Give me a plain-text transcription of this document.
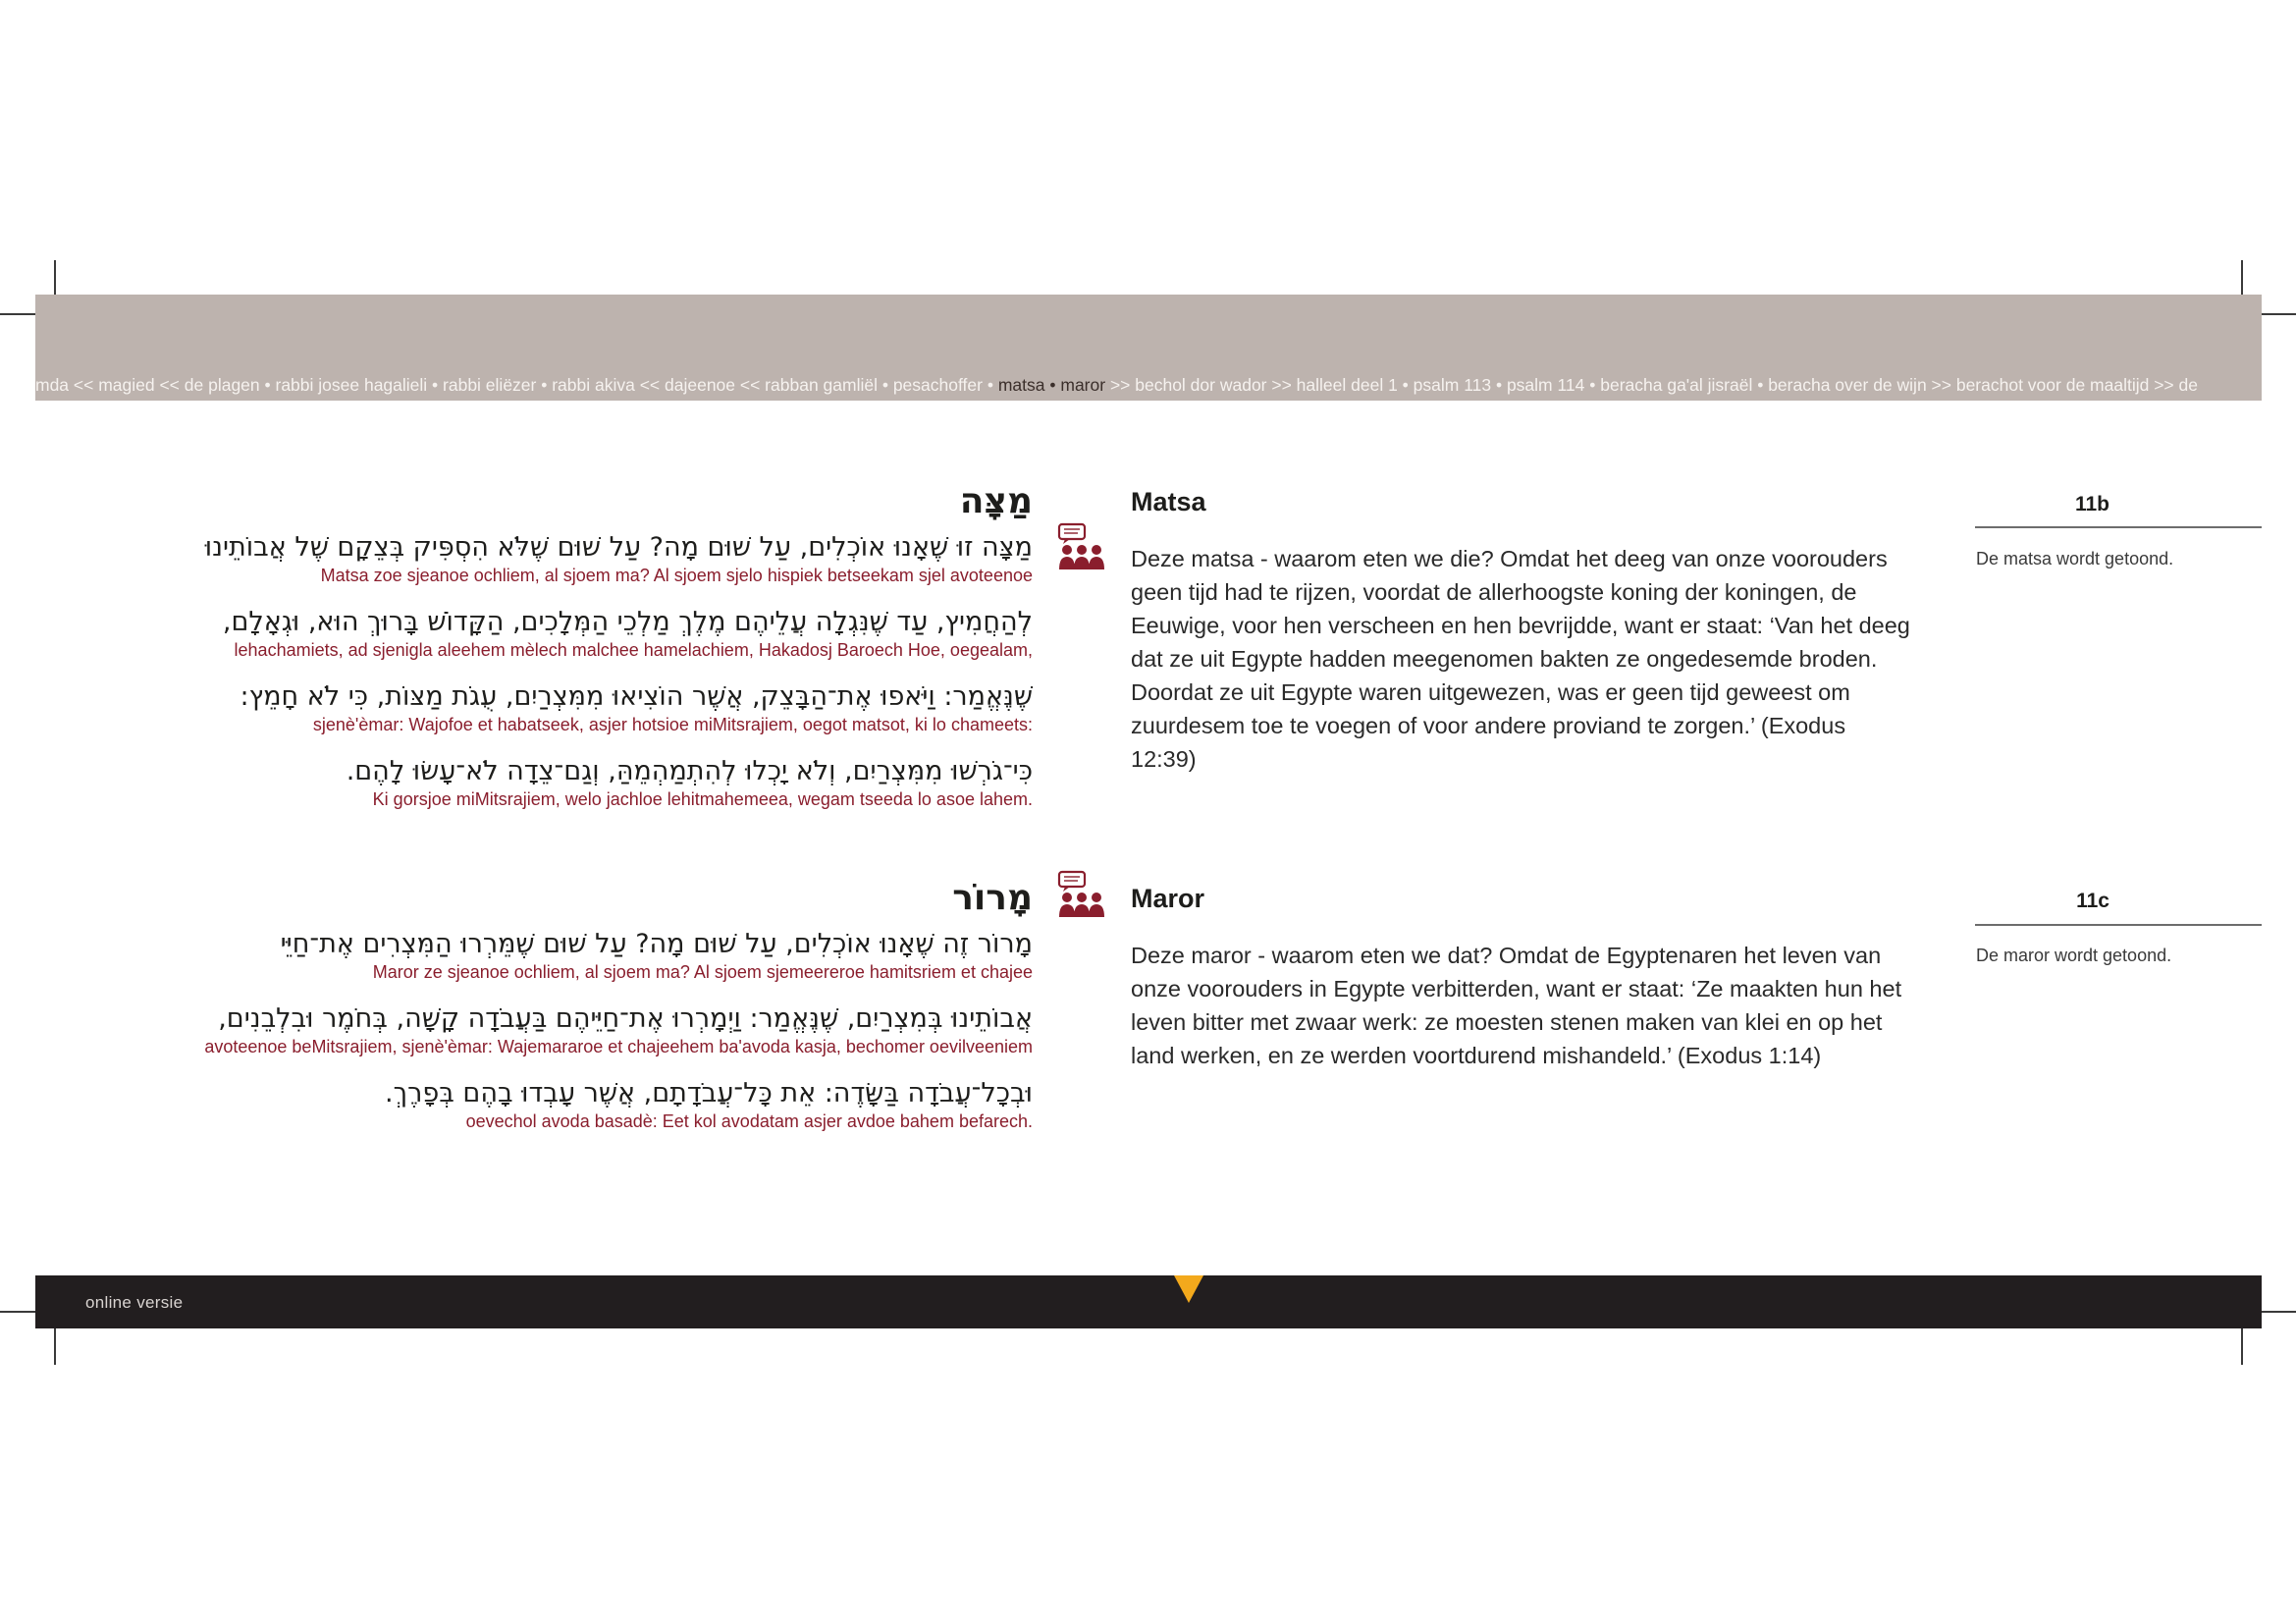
mda << magied << de plagen • rabbi josee hagalieli • rabbi eliëzer • rabbi akiva << dajeenoe << rabban gamliël • pesachoffer • matsa • maror >> bechol dor wador >> halleel deel 1 • psalm 113 • psalm 114 • beracha ga'al jisraël • beracha over de wijn >> berachot voor de maaltijd >> de
מַצָּה
מַצָּה זוּ שֶׁאָנוּ אוֹכְלִים, עַל שׁוּם מָה? עַל שׁוּם שֶׁלֹּא הִסְפִּיק בְּצֵקָם שֶׁל אֲבוֹתֵינוּ
Matsa zoe sjeanoe ochliem, al sjoem ma? Al sjoem sjelo hispiek betseekam sjel avoteenoe
לְהַחֲמִיץ, עַד שֶׁנִּגְלָה עֲלֵיהֶם מֶלֶךְ מַלְכֵי הַמְּלָכִים, הַקָּדוֹשׁ בָּרוּךְ הוּא, וּגְאָלָם,
lehachamiets, ad sjenigla aleehem mèlech malchee hamelachiem, Hakadosj Baroech Hoe, oegealam,
שֶׁנֶּאֱמַר: וַיֹּאפוּ אֶת־הַבָּצֵק, אֲשֶׁר הוֹצִיאוּ מִמִּצְרַיִם, עֻגֹת מַצּוֹת, כִּי לֹא חָמֵץ:
sjenè'èmar: Wajofoe et habatseek, asjer hotsioe miMitsrajiem, oegot matsot, ki lo chameets:
כִּי־גֹרְשׁוּ מִמִּצְרַיִם, וְלֹא יָכְלוּ לְהִתְמַהְמֵהַּ, וְגַם־צֵדָה לֹא־עָשׂוּ לָהֶם.
Ki gorsjoe miMitsrajiem, welo jachloe lehitmahemeea, wegam tseeda lo asoe lahem.
Matsa	11b
De matsa wordt getoond.
Deze matsa - waarom eten we die? Omdat het deeg van onze voorouders geen tijd had te rijzen, voordat de allerhoogste koning der koningen, de Eeuwige, voor hen verscheen en hen bevrijdde, want er staat: ‘Van het deeg dat ze uit Egypte hadden meegenomen bakten ze ongedesemde broden. Doordat ze uit Egypte waren uitgewezen, was er geen tijd geweest om zuurdesem toe te voegen of voor andere proviand te zorgen.’ (Exodus 12:39)
מָרוֹר
מָרוֹר זֶה שֶׁאָנוּ אוֹכְלִים, עַל שׁוּם מָה? עַל שׁוּם שֶׁמֵּרְרוּ הַמִּצְרִים אֶת־חַיֵּי
Maror ze sjeanoe ochliem, al sjoem ma? Al sjoem sjemeereroe hamitsriem et chajee
אֲבוֹתֵינוּ בְּמִצְרַיִם, שֶׁנֶּאֱמַר: וַיְמָרְרוּ אֶת־חַיֵּיהֶם בַּעֲבֹדָה קָשָׁה, בְּחֹמֶר וּבִלְבֵנִים,
avoteenoe beMitsrajiem, sjenè'èmar: Wajemararoe et chajeehem ba'avoda kasja, bechomer oevilveeniem
וּבְכָל־עֲבֹדָה בַּשָּׂדֶה: אֵת כָּל־עֲבֹדָתָם, אֲשֶׁר עָבְדוּ בָהֶם בְּפָרֶךְ.
oevechol avoda basadè: Eet kol avodatam asjer avdoe bahem befarech.
Maror	11c
De maror wordt getoond.
Deze maror - waarom eten we dat? Omdat de Egyptenaren het leven van onze voorouders in Egypte verbitterden, want er staat: ‘Ze maakten hun het leven bitter met zwaar werk: ze moesten stenen maken van klei en op het land werken, en ze werden voortdurend mishandeld.’ (Exodus 1:14)
online versie
